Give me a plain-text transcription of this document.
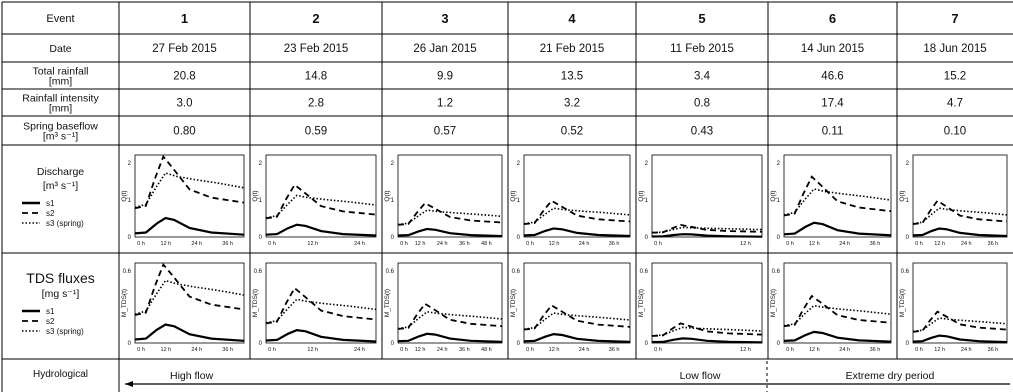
Event	1	2	3	4	5	6	7
Date	27 Feb 2015	23 Feb 2015	26 Jan 2015	21 Feb 2015	11 Feb 2015	14 Jun 2015	18 Jun 2015
Total rainfall
[mm]	20.8	14.8	9.9	13.5	3.4	46.6	15.2
Rainfall intensity
[mm]	3.0	2.8	1.2	3.2	0.8	17.4	4.7
Spring baseflow
[m³ s⁻¹]	0.80	0.59	0.57	0.52	0.43	0.11	0.10
Discharge
[m³ s⁻¹]
TDS fluxes
[mg s⁻¹]
0
1
2
Q(t)
0 h	12 h	24 h	36 h
0
0.6
M_TDS(t)
0 h	12 h	24 h	36 h
0
1
2
Q(t)
0 h	12 h	24 h
0
0.6
M_TDS(t)
0 h	12 h	24 h
0
1
2
Q(t)
0 h 12 h 24 h 36 h 48 h
0
0.6
M_TDS(t)
0 h 12 h 24 h 36 h 48 h
0
1
2
Q(t)
0 h	12 h	24 h	36 h
0
0.6
M_TDS(t)
0 h	12 h	24 h	36 h
0
1
2
Q(t)
0 h	12 h
0
0.6
M_TDS(t)
0 h	12 h
0
1
2
Q(t)
0 h	12 h	24 h	36 h
0
0.6
M_TDS(t)
0 h	12 h	24 h	36 h
0
1
2
Q(t)
0 h 12 h	24 h	36 h
0
0.6
M_TDS(t)
0 h 12 h	24 h	36 h
s1
s2
s3 (spring)
s1
s2
s3 (spring)
Hydrological	High flow	Low flow	Extreme dry period
